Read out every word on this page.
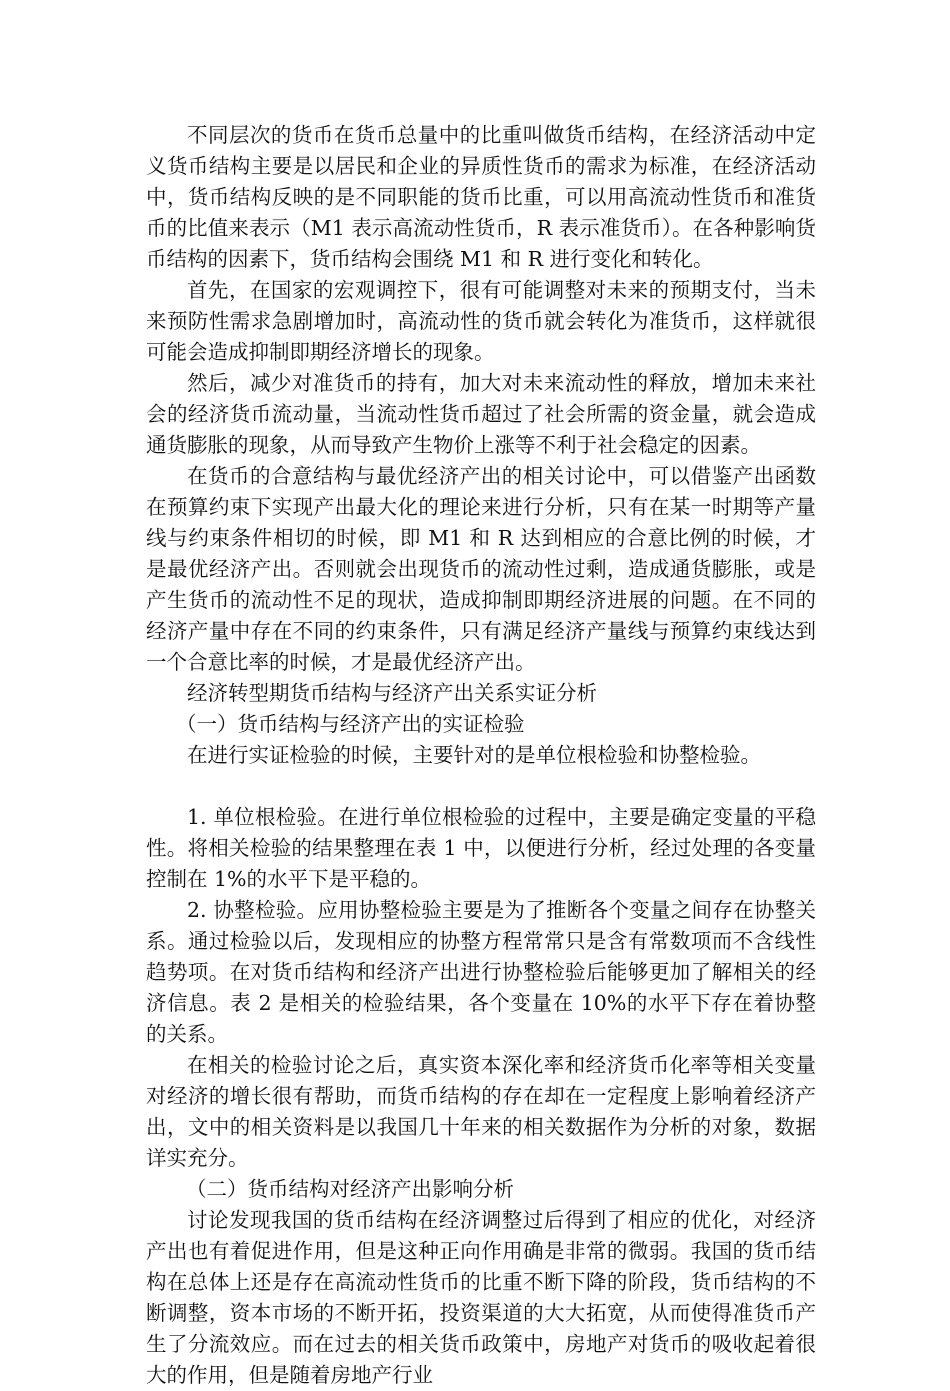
不同层次的货币在货币总量中的比重叫做货币结构，在经济活动中定义货币结构主要是以居民和企业的异质性货币的需求为标准，在经济活动中，货币结构反映的是不同职能的货币比重，可以用高流动性货币和准货币的比值来表示（M1 表示高流动性货币，R 表示准货币）。在各种影响货币结构的因素下，货币结构会围绕 M1 和 R 进行变化和转化。

首先，在国家的宏观调控下，很有可能调整对未来的预期支付，当未来预防性需求急剧增加时，高流动性的货币就会转化为准货币，这样就很可能会造成抑制即期经济增长的现象。

然后，减少对准货币的持有，加大对未来流动性的释放，增加未来社会的经济货币流动量，当流动性货币超过了社会所需的资金量，就会造成通货膨胀的现象，从而导致产生物价上涨等不利于社会稳定的因素。

在货币的合意结构与最优经济产出的相关讨论中，可以借鉴产出函数在预算约束下实现产出最大化的理论来进行分析，只有在某一时期等产量线与约束条件相切的时候，即 M1 和 R 达到相应的合意比例的时候，才是最优经济产出。否则就会出现货币的流动性过剩，造成通货膨胀，或是产生货币的流动性不足的现状，造成抑制即期经济进展的问题。在不同的经济产量中存在不同的约束条件，只有满足经济产量线与预算约束线达到一个合意比率的时候，才是最优经济产出。

经济转型期货币结构与经济产出关系实证分析

（一）货币结构与经济产出的实证检验

在进行实证检验的时候，主要针对的是单位根检验和协整检验。

1. 单位根检验。在进行单位根检验的过程中，主要是确定变量的平稳性。将相关检验的结果整理在表 1 中，以便进行分析，经过处理的各变量控制在 1%的水平下是平稳的。

2. 协整检验。应用协整检验主要是为了推断各个变量之间存在协整关系。通过检验以后，发现相应的协整方程常常只是含有常数项而不含线性趋势项。在对货币结构和经济产出进行协整检验后能够更加了解相关的经济信息。表 2 是相关的检验结果，各个变量在 10%的水平下存在着协整的关系。

在相关的检验讨论之后，真实资本深化率和经济货币化率等相关变量对经济的增长很有帮助，而货币结构的存在却在一定程度上影响着经济产出，文中的相关资料是以我国几十年来的相关数据作为分析的对象，数据详实充分。

（二）货币结构对经济产出影响分析

讨论发现我国的货币结构在经济调整过后得到了相应的优化，对经济产出也有着促进作用，但是这种正向作用确是非常的微弱。我国的货币结构在总体上还是存在高流动性货币的比重不断下降的阶段，货币结构的不断调整，资本市场的不断开拓，投资渠道的大大拓宽，从而使得准货币产生了分流效应。而在过去的相关货币政策中，房地产对货币的吸收起着很大的作用，但是随着房地产行业
